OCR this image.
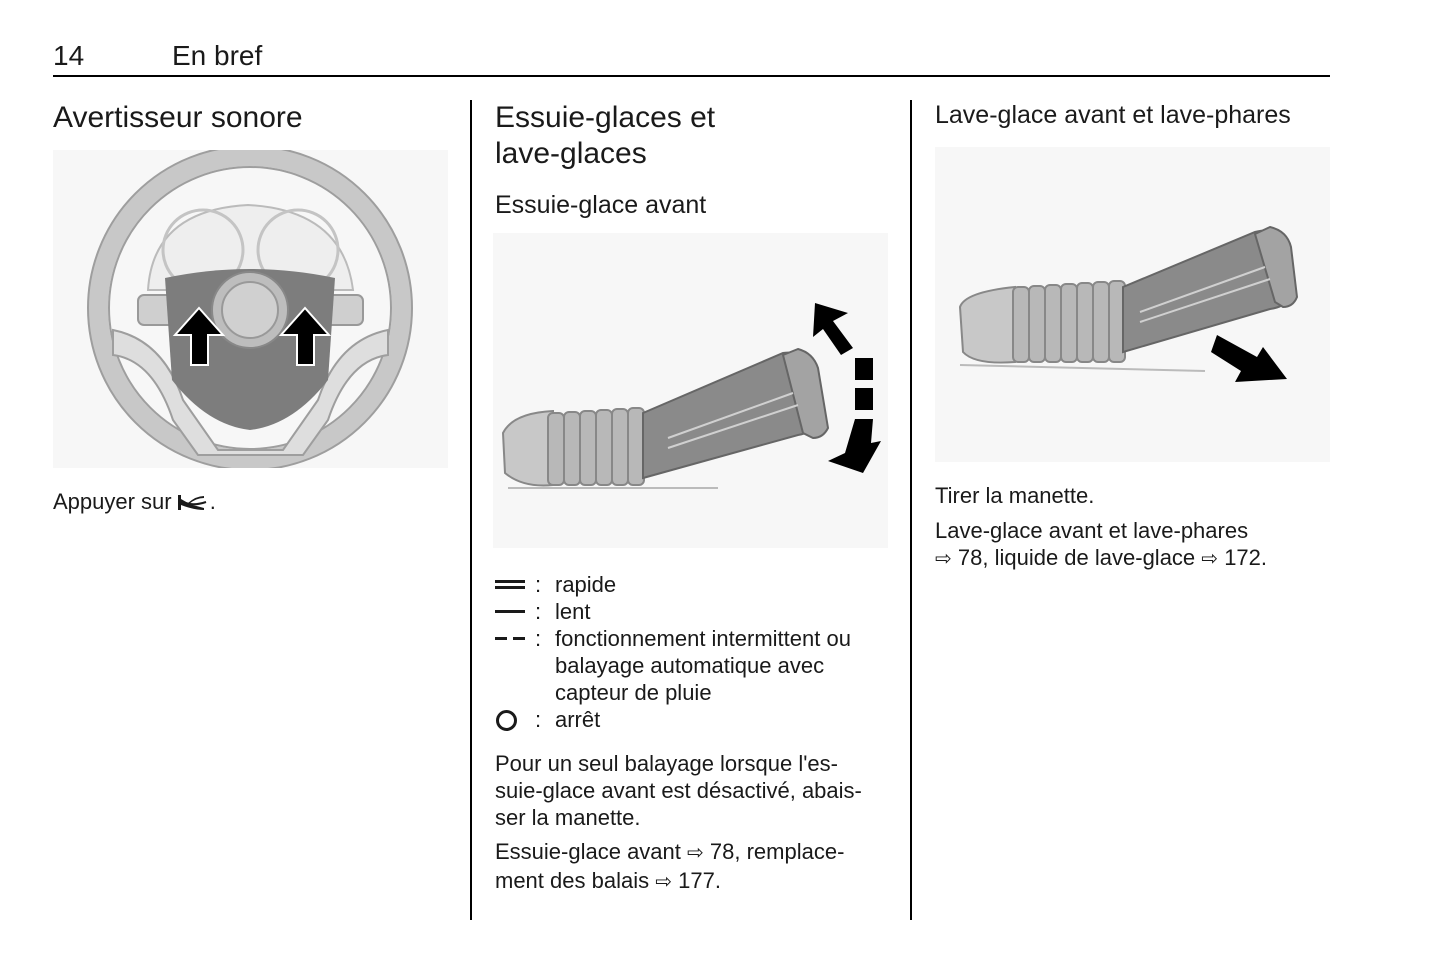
14	En bref
Avertisseur sonore
Appuyer sur .
Essuie-glaces et
lave-glaces
Essuie-glace avant
: rapide
: lent
: fonctionnement intermittent ou
balayage automatique avec
capteur de pluie
: arrêt
Pour un seul balayage lorsque l'es-
suie-glace avant est désactivé, abais-
ser la manette.
Essuie-glace avant ⇨ 78, remplace-
ment des balais ⇨ 177.
Lave-glace avant et lave-phares
Tirer la manette.
Lave-glace avant et lave-phares
⇨ 78, liquide de lave-glace ⇨ 172.
